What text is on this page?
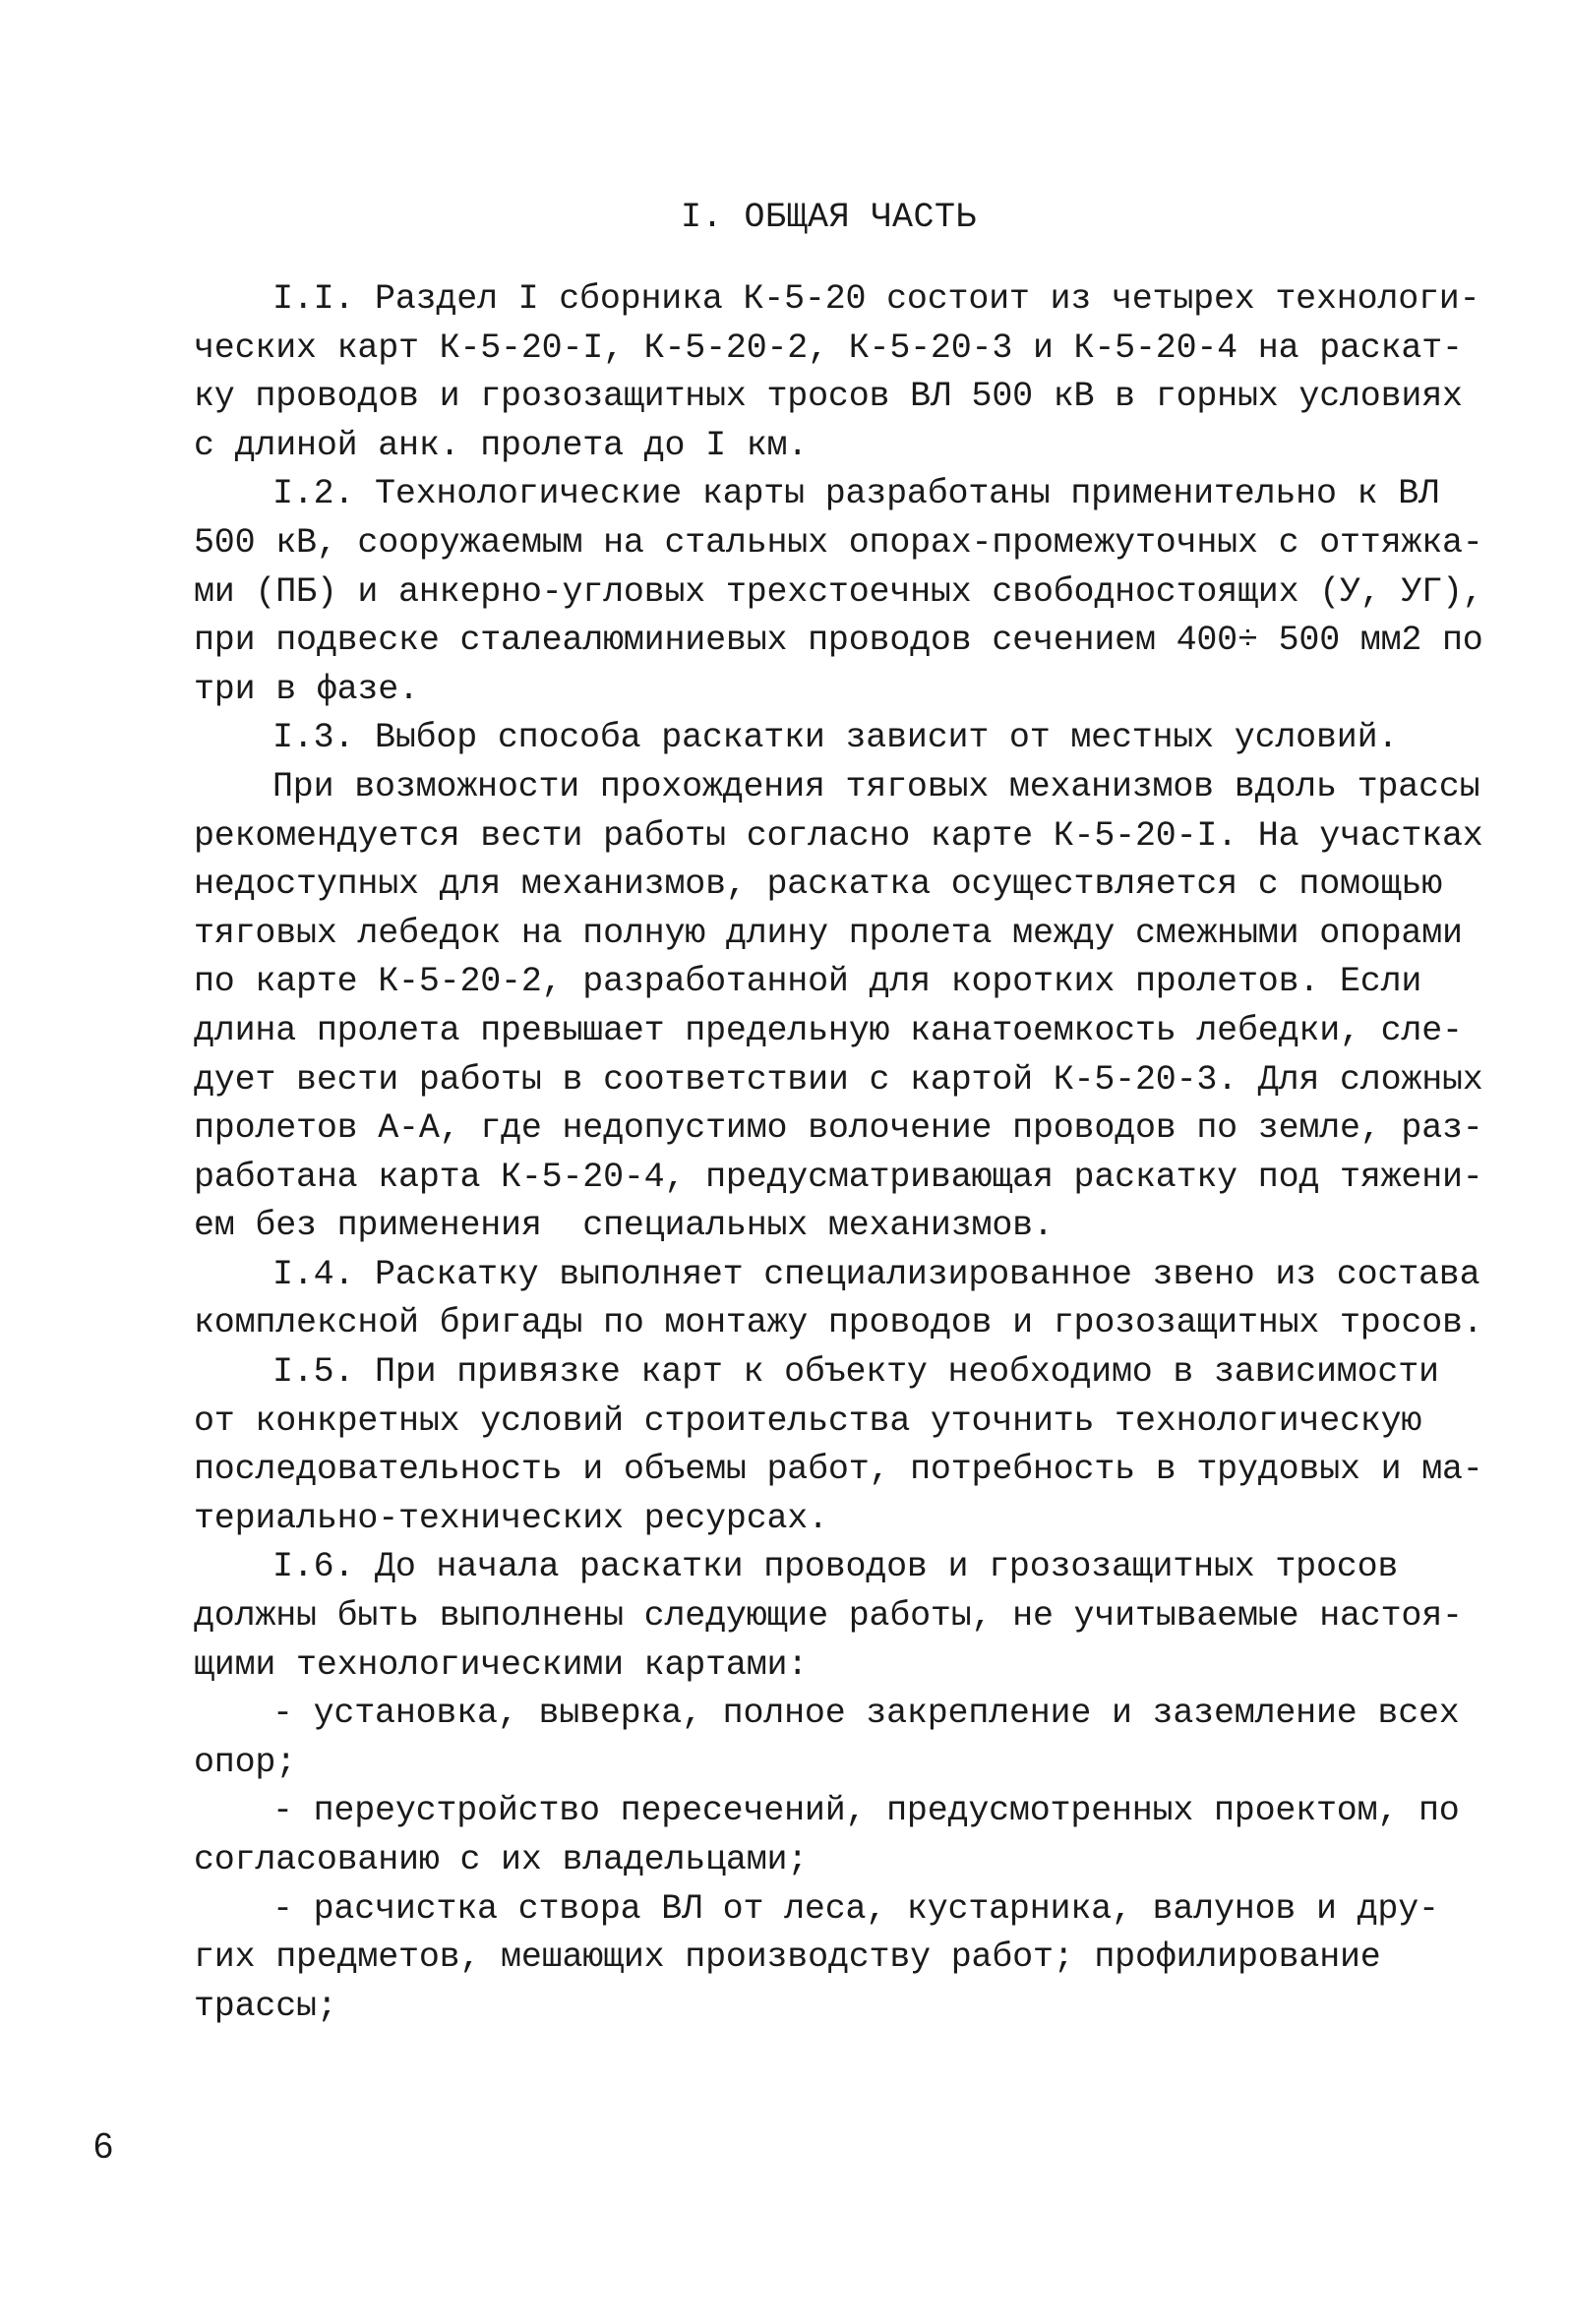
I. ОБЩАЯ ЧАСТЬ
I.I. Раздел I сборника К-5-20 состоит из четырех технологи-
ческих карт К-5-20-I, К-5-20-2, К-5-20-3 и К-5-20-4 на раскат-
ку проводов и грозозащитных тросов ВЛ 500 кВ в горных условиях
с длиной анк. пролета до I км.
I.2. Технологические карты разработаны применительно к ВЛ
500 кВ, сооружаемым на стальных опорах-промежуточных с оттяжка-
ми (ПБ) и анкерно-угловых трехстоечных свободностоящих (У, УГ),
при подвеске сталеалюминиевых проводов сечением 400÷ 500 мм2 по
три в фазе.
I.3. Выбор способа раскатки зависит от местных условий.
При возможности прохождения тяговых механизмов вдоль трассы
рекомендуется вести работы согласно карте К-5-20-I. На участках
недоступных для механизмов, раскатка осуществляется с помощью
тяговых лебедок на полную длину пролета между смежными опорами
по карте К-5-20-2, разработанной для коротких пролетов. Если
длина пролета превышает предельную канатоемкость лебедки, сле-
дует вести работы в соответствии с картой К-5-20-3. Для сложных
пролетов А-А, где недопустимо волочение проводов по земле, раз-
работана карта К-5-20-4, предусматривающая раскатку под тяжени-
ем без применения  специальных механизмов.
I.4. Раскатку выполняет специализированное звено из состава
комплексной бригады по монтажу проводов и грозозащитных тросов.
I.5. При привязке карт к объекту необходимо в зависимости
от конкретных условий строительства уточнить технологическую
последовательность и объемы работ, потребность в трудовых и ма-
териально-технических ресурсах.
I.6. До начала раскатки проводов и грозозащитных тросов
должны быть выполнены следующие работы, не учитываемые настоя-
щими технологическими картами:
- установка, выверка, полное закрепление и заземление всех
опор;
- переустройство пересечений, предусмотренных проектом, по
согласованию с их владельцами;
- расчистка створа ВЛ от леса, кустарника, валунов и дру-
гих предметов, мешающих производству работ; профилирование
трассы;
6
